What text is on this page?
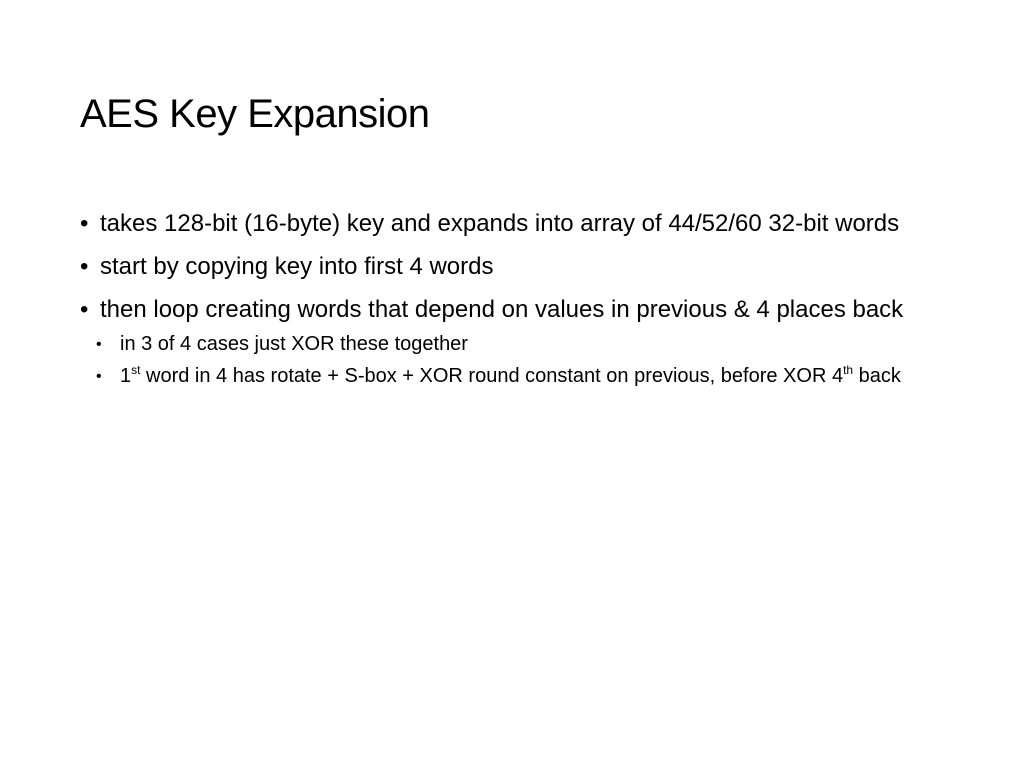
AES Key Expansion
• takes 128-bit (16-byte) key and expands into array of 44/52/60 32-bit words
• start by copying key into first 4 words
• then loop creating words that depend on values in previous & 4 places back
• in 3 of 4 cases just XOR these together
• 1st word in 4 has rotate + S-box + XOR round constant on previous, before XOR 4th back
